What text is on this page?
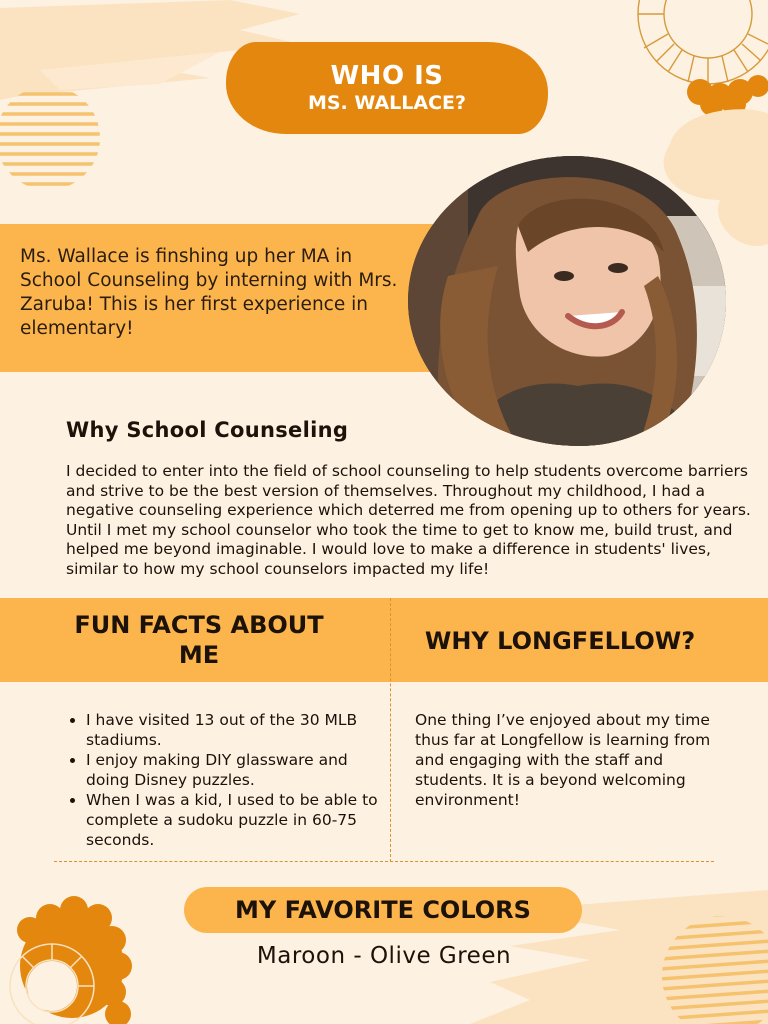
WHO IS
MS. WALLACE?
Ms. Wallace is finshing up her MA in School Counseling by interning with Mrs. Zaruba! This is her first experience in elementary!
Why School Counseling
I decided to enter into the field of school counseling to help students overcome barriers and strive to be the best version of themselves. Throughout my childhood, I had a negative counseling experience which deterred me from opening up to others for years. Until I met my school counselor who took the time to get to know me, build trust, and helped me beyond imaginable. I would love to make a difference in students' lives, similar to how my school counselors impacted my life!
FUN FACTS ABOUT
ME	WHY LONGFELLOW?
• I have visited 13 out of the 30 MLB stadiums.
• I enjoy making DIY glassware and doing Disney puzzles.
• When I was a kid, I used to be able to complete a sudoku puzzle in 60-75 seconds.
One thing I’ve enjoyed about my time thus far at Longfellow is learning from and engaging with the staff and students. It is a beyond welcoming environment!
MY FAVORITE COLORS
Maroon - Olive Green
